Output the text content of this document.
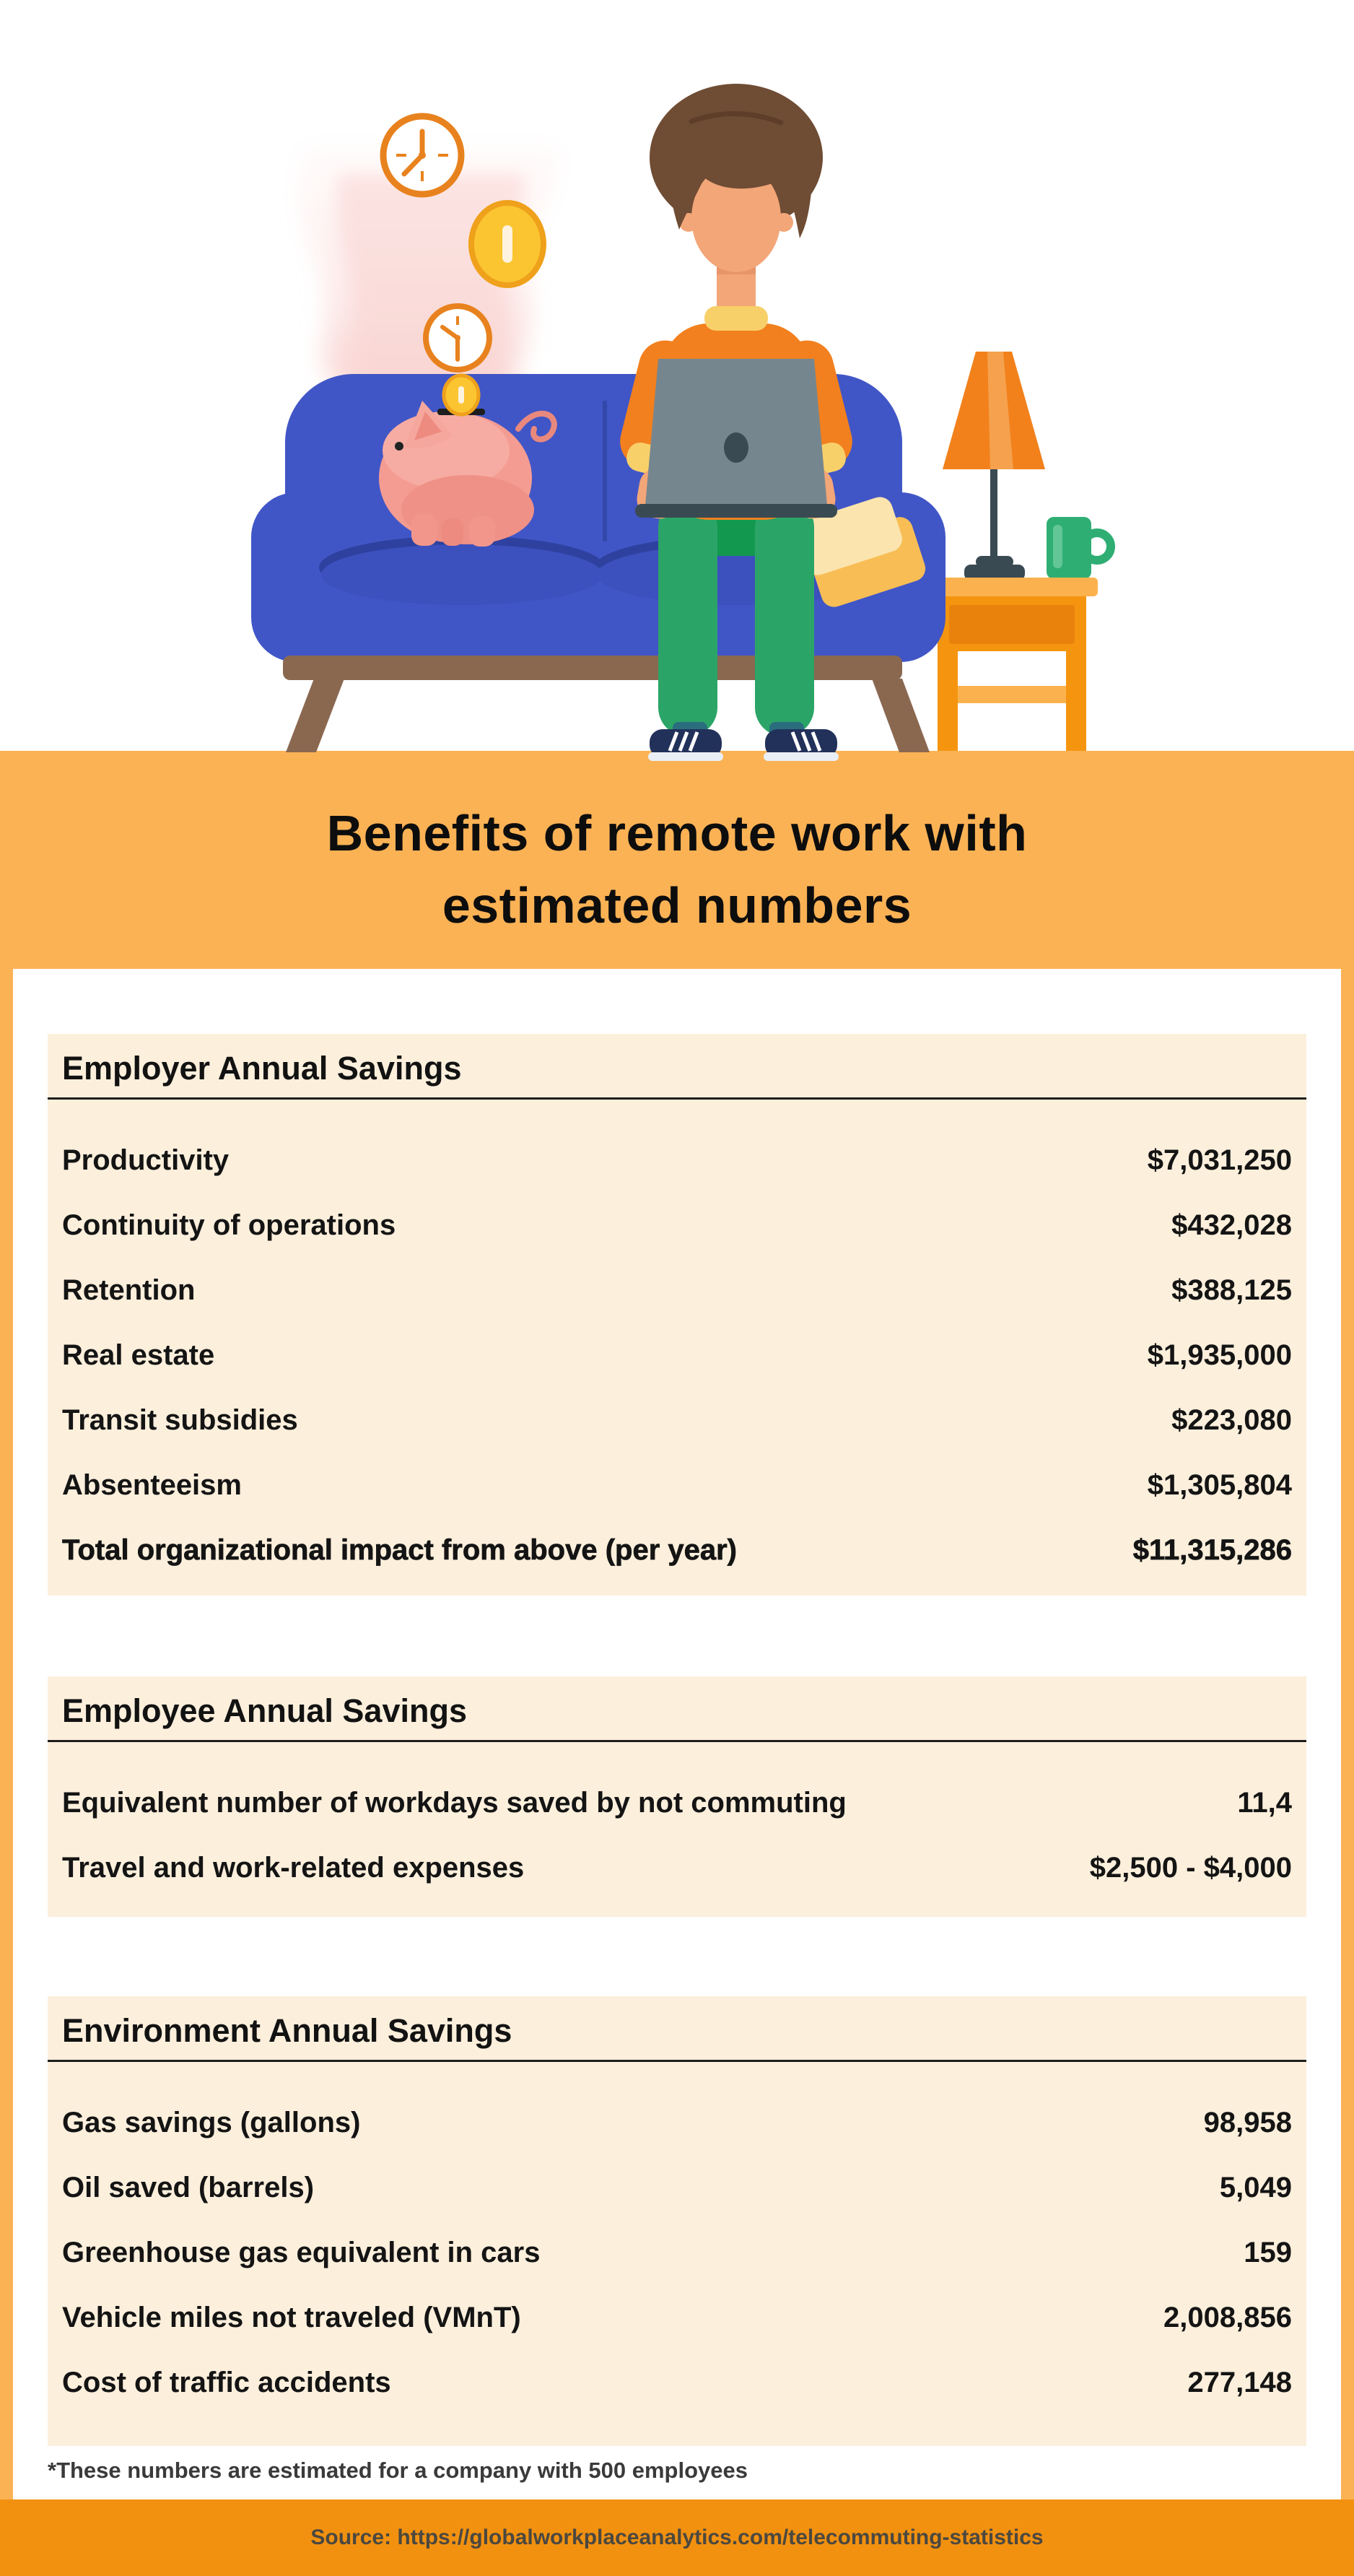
Benefits of remote work with
estimated numbers
Employer Annual Savings
Productivity	$7,031,250
Continuity of operations	$432,028
Retention	$388,125
Real estate	$1,935,000
Transit subsidies	$223,080
Absenteeism	$1,305,804
Total organizational impact from above (per year)	$11,315,286
Employee Annual Savings
Equivalent number of workdays saved by not commuting	11,4
Travel and work-related expenses	$2,500 - $4,000
Environment Annual Savings
Gas savings (gallons)	98,958
Oil saved (barrels)	5,049
Greenhouse gas equivalent in cars	159
Vehicle miles not traveled (VMnT)	2,008,856
Cost of traffic accidents	277,148
*These numbers are estimated for a company with 500 employees
Source: https://globalworkplaceanalytics.com/telecommuting-statistics
